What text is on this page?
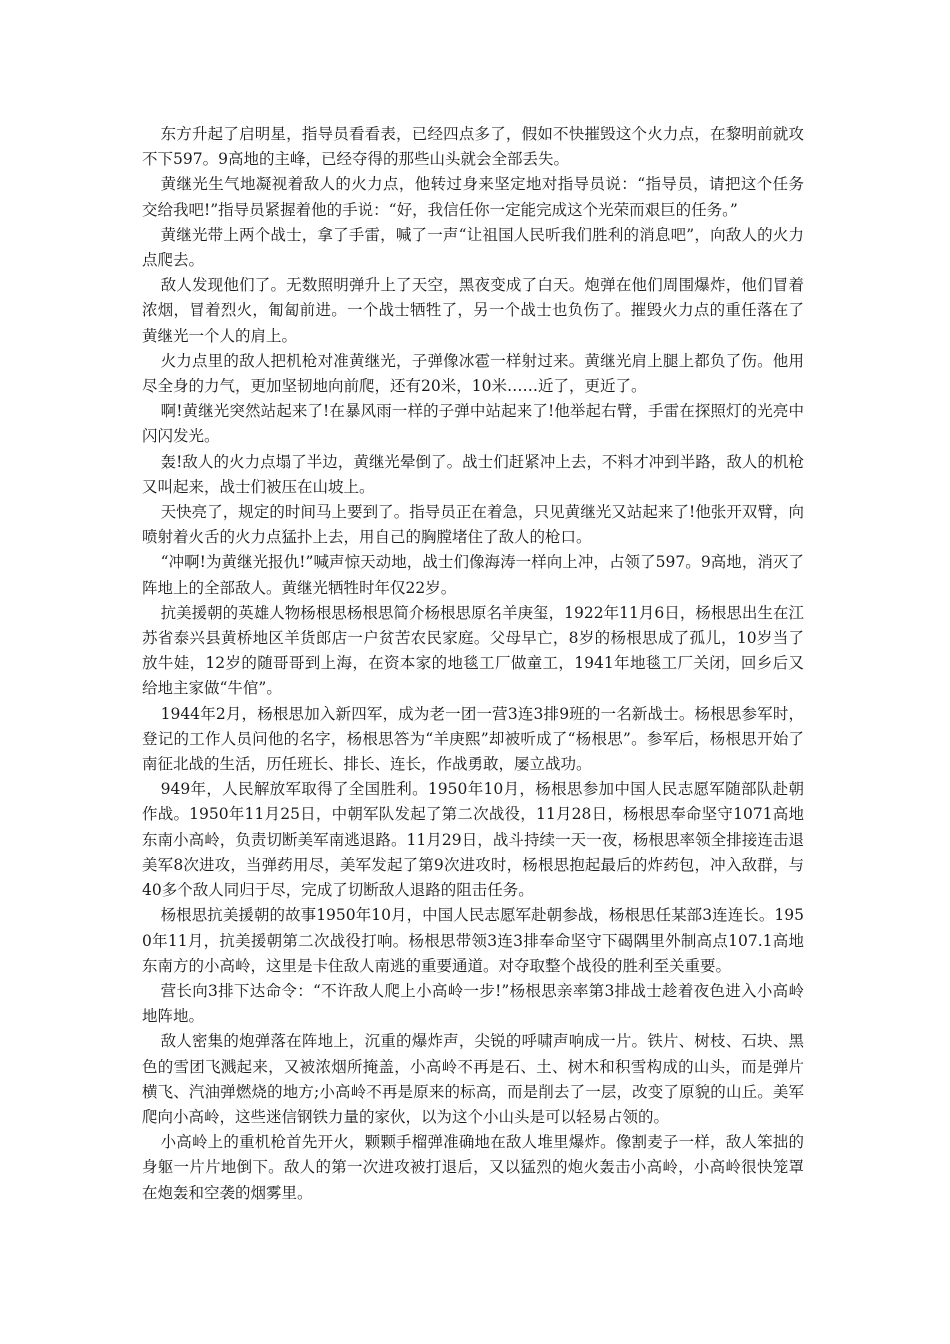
东方升起了启明星，指导员看看表，已经四点多了，假如不快摧毁这个火力点，在黎明前就攻不下597。9高地的主峰，已经夺得的那些山头就会全部丢失。

黄继光生气地凝视着敌人的火力点，他转过身来坚定地对指导员说：“指导员，请把这个任务交给我吧!”指导员紧握着他的手说：“好，我信任你一定能完成这个光荣而艰巨的任务。”

黄继光带上两个战士，拿了手雷，喊了一声“让祖国人民听我们胜利的消息吧”，向敌人的火力点爬去。

敌人发现他们了。无数照明弹升上了天空，黑夜变成了白天。炮弹在他们周围爆炸，他们冒着浓烟，冒着烈火，匍匐前进。一个战士牺牲了，另一个战士也负伤了。摧毁火力点的重任落在了黄继光一个人的肩上。

火力点里的敌人把机枪对准黄继光，子弹像冰雹一样射过来。黄继光肩上腿上都负了伤。他用尽全身的力气，更加坚韧地向前爬，还有20米，10米……近了，更近了。

啊!黄继光突然站起来了!在暴风雨一样的子弹中站起来了!他举起右臂，手雷在探照灯的光亮中闪闪发光。

轰!敌人的火力点塌了半边，黄继光晕倒了。战士们赶紧冲上去，不料才冲到半路，敌人的机枪又叫起来，战士们被压在山坡上。

天快亮了，规定的时间马上要到了。指导员正在着急，只见黄继光又站起来了!他张开双臂，向喷射着火舌的火力点猛扑上去，用自己的胸膛堵住了敌人的枪口。

“冲啊!为黄继光报仇!”喊声惊天动地，战士们像海涛一样向上冲，占领了597。9高地，消灭了阵地上的全部敌人。黄继光牺牲时年仅22岁。

抗美援朝的英雄人物杨根思杨根思简介杨根思原名羊庚玺，1922年11月6日，杨根思出生在江苏省泰兴县黄桥地区羊货郎店一户贫苦农民家庭。父母早亡，8岁的杨根思成了孤儿，10岁当了放牛娃，12岁的随哥哥到上海，在资本家的地毯工厂做童工，1941年地毯工厂关闭，回乡后又给地主家做“牛倌”。

1944年2月，杨根思加入新四军，成为老一团一营3连3排9班的一名新战士。杨根思参军时，登记的工作人员问他的名字，杨根思答为“羊庚熙”却被听成了“杨根思”。参军后，杨根思开始了南征北战的生活，历任班长、排长、连长，作战勇敢，屡立战功。

949年，人民解放军取得了全国胜利。1950年10月，杨根思参加中国人民志愿军随部队赴朝作战。1950年11月25日，中朝军队发起了第二次战役，11月28日，杨根思奉命坚守1071高地东南小高岭，负责切断美军南逃退路。11月29日，战斗持续一天一夜，杨根思率领全排接连击退美军8次进攻，当弹药用尽，美军发起了第9次进攻时，杨根思抱起最后的炸药包，冲入敌群，与40多个敌人同归于尽，完成了切断敌人退路的阻击任务。

杨根思抗美援朝的故事1950年10月，中国人民志愿军赴朝参战，杨根思任某部3连连长。1950年11月，抗美援朝第二次战役打响。杨根思带领3连3排奉命坚守下碣隅里外制高点107.1高地东南方的小高岭，这里是卡住敌人南逃的重要通道。对夺取整个战役的胜利至关重要。

营长向3排下达命令：“不许敌人爬上小高岭一步!”杨根思亲率第3排战士趁着夜色进入小高岭地阵地。

敌人密集的炮弹落在阵地上，沉重的爆炸声，尖锐的呼啸声响成一片。铁片、树枝、石块、黑色的雪团飞溅起来，又被浓烟所掩盖，小高岭不再是石、土、树木和积雪构成的山头，而是弹片横飞、汽油弹燃烧的地方;小高岭不再是原来的标高，而是削去了一层，改变了原貌的山丘。美军爬向小高岭，这些迷信钢铁力量的家伙，以为这个小山头是可以轻易占领的。

小高岭上的重机枪首先开火，颗颗手榴弹准确地在敌人堆里爆炸。像割麦子一样，敌人笨拙的身躯一片片地倒下。敌人的第一次进攻被打退后，又以猛烈的炮火轰击小高岭，小高岭很快笼罩在炮轰和空袭的烟雾里。
